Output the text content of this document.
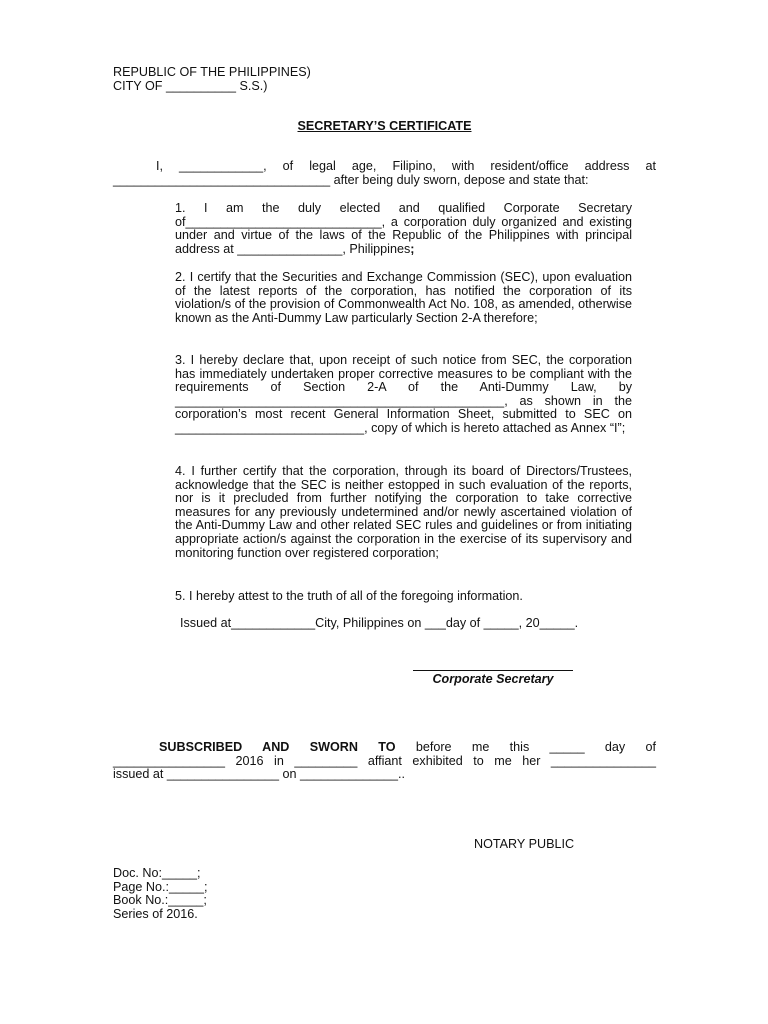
REPUBLIC OF THE PHILIPPINES)
CITY OF __________ S.S.)
SECRETARY’S CERTIFICATE
I, ____________, of legal age, Filipino, with resident/office address at
_______________________________ after being duly sworn, depose and state that:

1. I am the duly elected and qualified Corporate Secretary of____________________________, a corporation duly organized and existing under and virtue of the laws of the Republic of the Philippines with principal address at _______________, Philippines;

2. I certify that the Securities and Exchange Commission (SEC), upon evaluation of the latest reports of the corporation, has notified the corporation of its violation/s of the provision of Commonwealth Act No. 108, as amended, otherwise known as the Anti-Dummy Law particularly Section 2-A therefore;

3. I hereby declare that, upon receipt of such notice from SEC, the corporation has immediately undertaken proper corrective measures to be compliant with the requirements of Section 2-A of the Anti-Dummy Law, by _______________________________________________, as shown in the corporation’s most recent General Information Sheet, submitted to SEC on ___________________________, copy of which is hereto attached as Annex “I”;

4. I further certify that the corporation, through its board of Directors/Trustees, acknowledge that the SEC is neither estopped in such evaluation of the reports, nor is it precluded from further notifying the corporation to take corrective measures for any previously undetermined and/or newly ascertained violation of the Anti-Dummy Law and other related SEC rules and guidelines or from initiating appropriate action/s against the corporation in the exercise of its supervisory and monitoring function over registered corporation;

5. I hereby attest to the truth of all of the foregoing information.

Issued at____________City, Philippines on ___day of _____, 20_____.

Corporate Secretary
SUBSCRIBED AND SWORN TO before me this _____ day of
________________ 2016 in _________ affiant exhibited to me her _______________
issued at ________________ on ______________..
NOTARY PUBLIC
Doc. No:_____;
Page No.:_____;
Book No.:_____;
Series of 2016.
